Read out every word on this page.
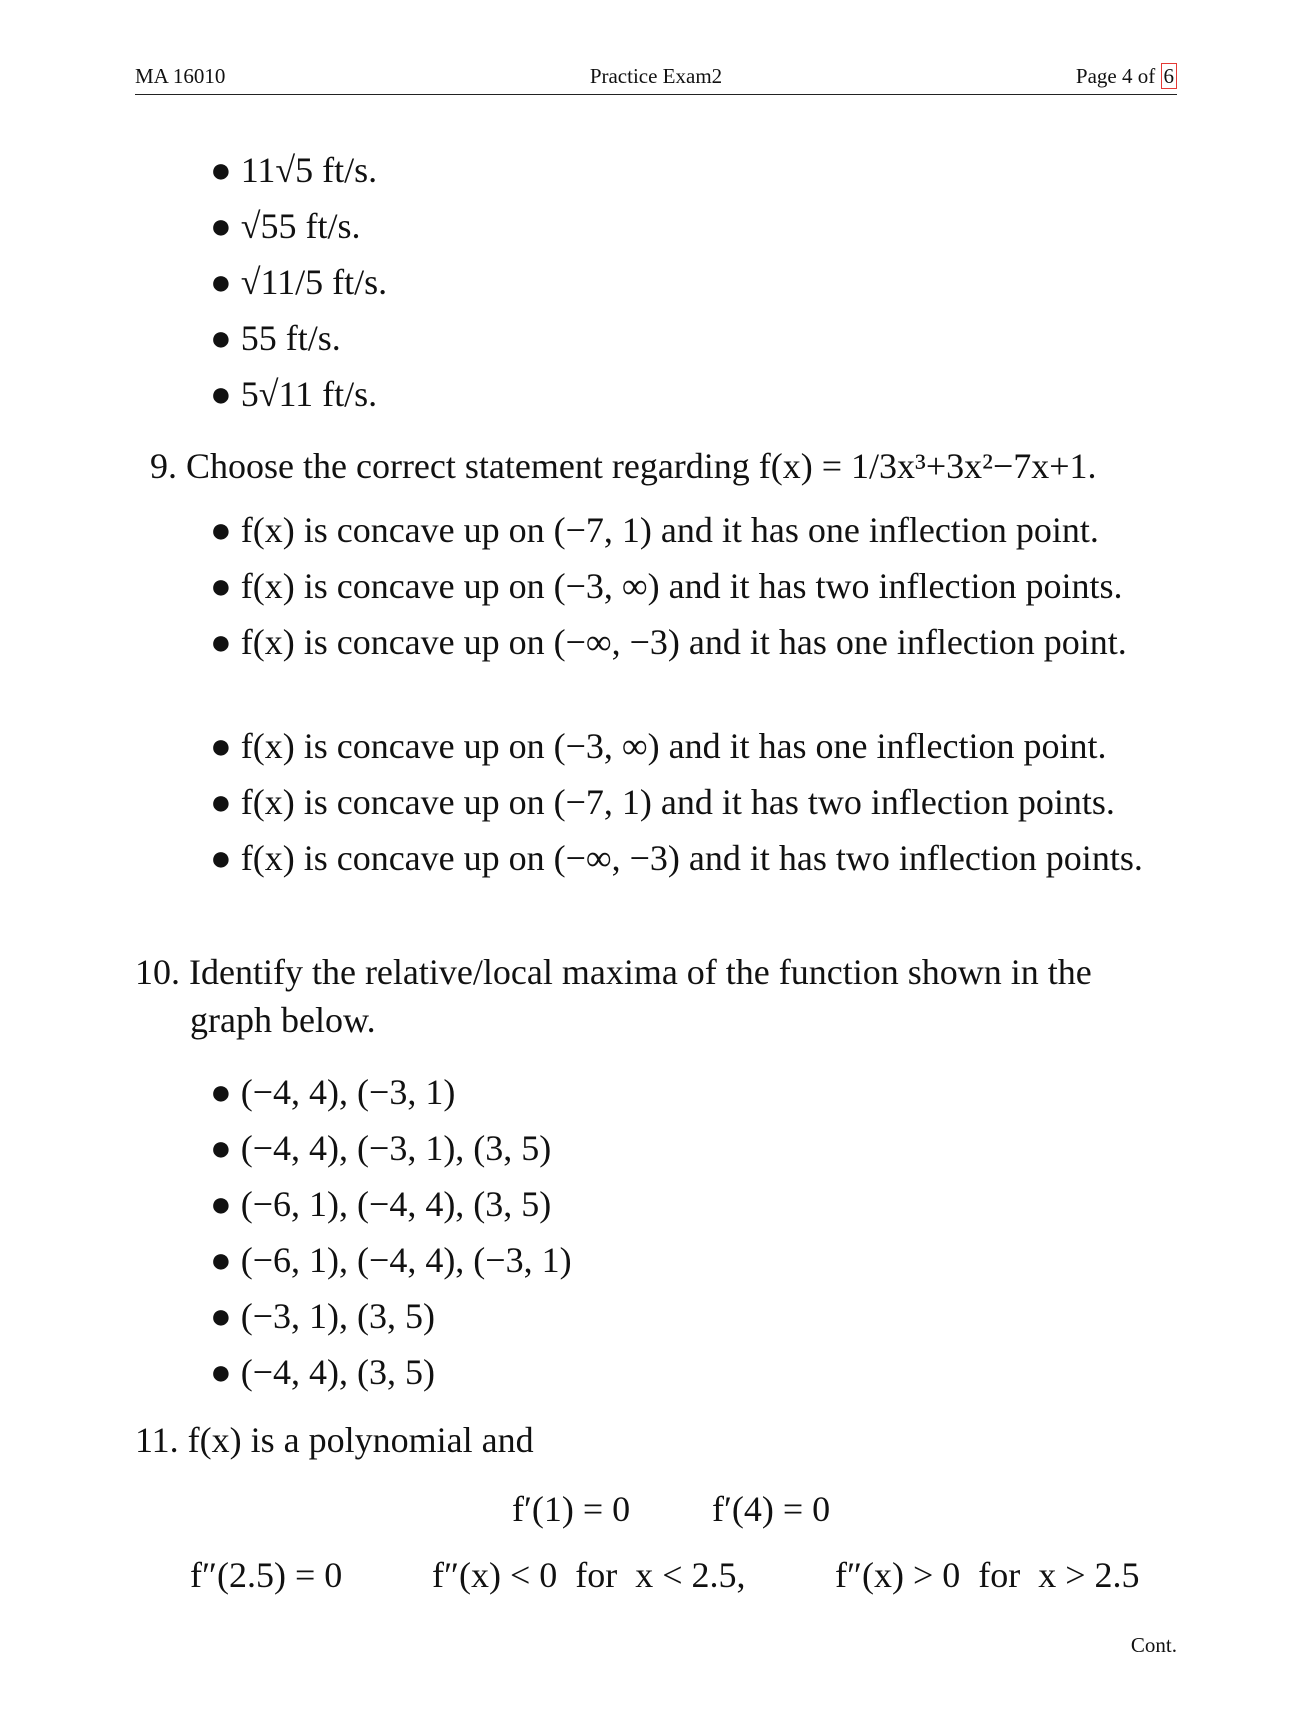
MA 16010	Practice Exam2	Page 4 of 6
● 11√5 ft/s.
● √55 ft/s.
● √11/5 ft/s.
● 55 ft/s.
● 5√11 ft/s.
9. Choose the correct statement regarding f(x) = 1/3x³+3x²−7x+1.
● f(x) is concave up on (−7, 1) and it has one inflection point.
● f(x) is concave up on (−3, ∞) and it has two inflection points.
● f(x) is concave up on (−∞, −3) and it has one inflection point.
● f(x) is concave up on (−3, ∞) and it has one inflection point.
● f(x) is concave up on (−7, 1) and it has two inflection points.
● f(x) is concave up on (−∞, −3) and it has two inflection points.
10. Identify the relative/local maxima of the function shown in the
graph below.
● (−4, 4), (−3, 1)
● (−4, 4), (−3, 1), (3, 5)
● (−6, 1), (−4, 4), (3, 5)
● (−6, 1), (−4, 4), (−3, 1)
● (−3, 1), (3, 5)
● (−4, 4), (3, 5)
11. f(x) is a polynomial and
f′(1) = 0 f′(4) = 0
f″(2.5) = 0 f″(x) < 0  for  x < 2.5, f″(x) > 0  for  x > 2.5
Cont.
